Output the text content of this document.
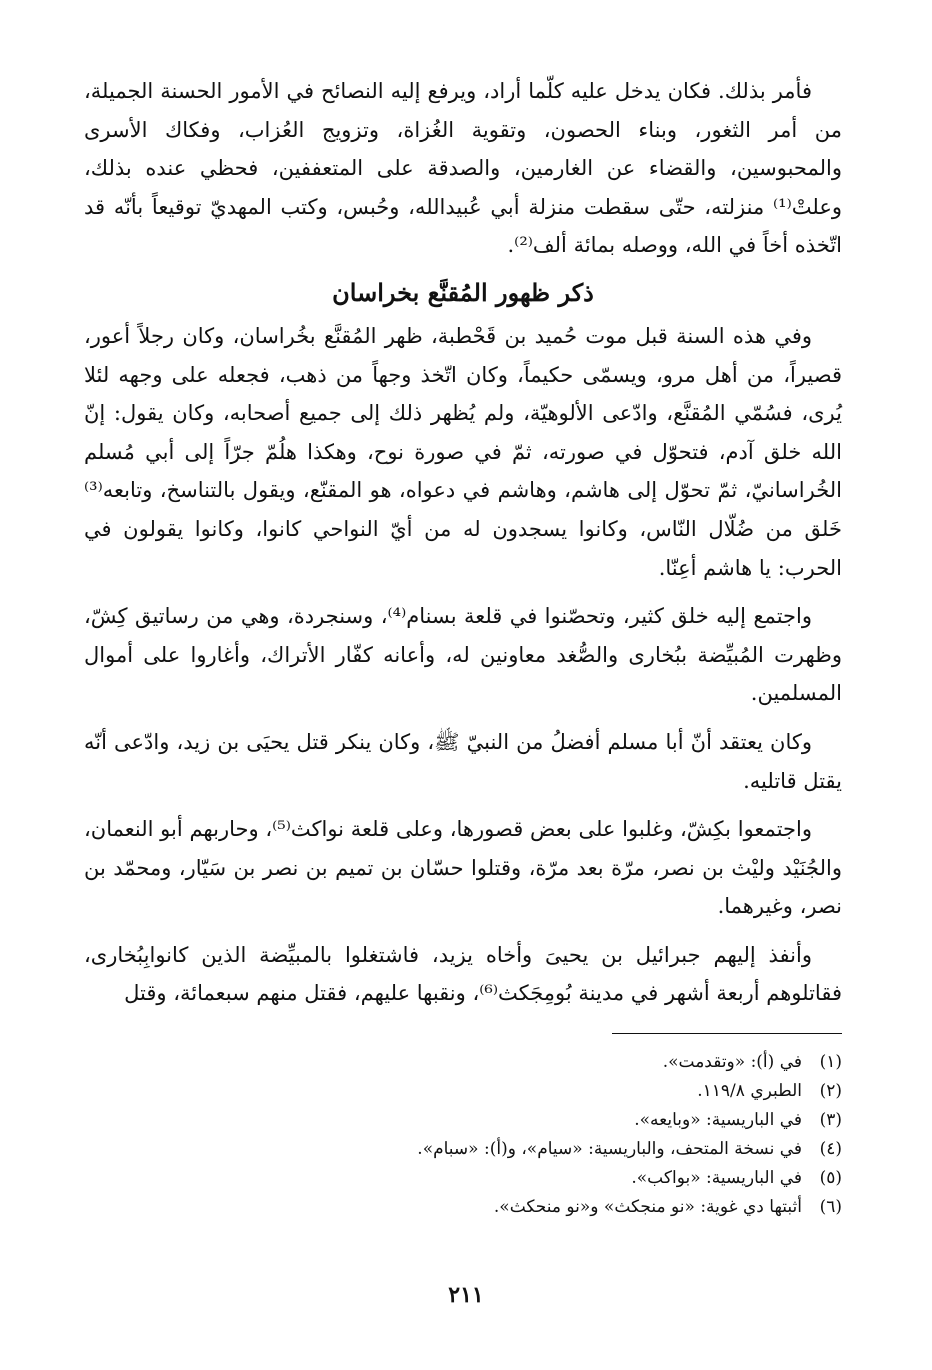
فأمر بذلك. فكان يدخل عليه كلّما أراد، ويرفع إليه النصائح في الأمور الحسنة الجميلة، من أمر الثغور، وبناء الحصون، وتقوية الغُزاة، وتزويج العُزاب، وفكاك الأسرى والمحبوسين، والقضاء عن الغارمين، والصدقة على المتعففين، فحظي عنده بذلك، وعلتْ⁽¹⁾ منزلته، حتّى سقطت منزلة أبي عُبيدالله، وحُبس، وكتب المهديّ توقيعاً بأنّه قد اتّخذه أخاً في الله، ووصله بمائة ألف⁽²⁾.

ذكر ظهور المُقنَّع بخراسان

وفي هذه السنة قبل موت حُميد بن قَحْطبة، ظهر المُقنَّع بخُراسان، وكان رجلاً أعور، قصيراً، من أهل مرو، ويسمّى حكيماً، وكان اتّخذ وجهاً من ذهب، فجعله على وجهه لئلا يُرى، فسُمّي المُقنَّع، وادّعى الألوهيّة، ولم يُظهر ذلك إلى جميع أصحابه، وكان يقول: إنّ الله خلق آدم، فتحوّل في صورته، ثمّ في صورة نوح، وهكذا هلُمّ جرّاً إلى أبي مُسلم الخُراسانيّ، ثمّ تحوّل إلى هاشم، وهاشم في دعواه، هو المقنّع، ويقول بالتناسخ، وتابعه⁽³⁾ خَلق من ضُلّال النّاس، وكانوا يسجدون له من أيّ النواحي كانوا، وكانوا يقولون في الحرب: يا هاشم أعِنّا.

واجتمع إليه خلق كثير، وتحصّنوا في قلعة بسنام⁽⁴⁾، وسنجردة، وهي من رساتيق كِشّ، وظهرت المُبيِّضة ببُخارى والصُّغد معاونين له، وأعانه كفّار الأتراك، وأغاروا على أموال المسلمين.

وكان يعتقد أنّ أبا مسلم أفضلُ من النبيّ ﷺ، وكان ينكر قتل يحيَى بن زيد، وادّعى أنّه يقتل قاتليه.

واجتمعوا بكِشّ، وغلبوا على بعض قصورها، وعلى قلعة نواكث⁽⁵⁾، وحاربهم أبو النعمان، والجُنَيْد وليْث بن نصر، مرّة بعد مرّة، وقتلوا حسّان بن تميم بن نصر بن سَيّار، ومحمّد بن نصر، وغيرهما.

وأنفذ إليهم جبرائيل بن يحيىَ وأخاه يزيد، فاشتغلوا بالمبيِّضة الذين كانوابِبُخارى، فقاتلوهم أربعة أشهر في مدينة بُومِجَكث⁽⁶⁾، ونقبها عليهم، فقتل منهم سبعمائة، وقتل

(١)
في (أ): «وتقدمت».
(٢)
الطبري ١١٩/٨.
(٣)
في الباريسية: «وبايعه».
(٤)
في نسخة المتحف، والباريسية: «سيام»، و(أ): «سبام».
(٥)
في الباريسية: «بواكب».
(٦)
أثبتها دي غوية: «نو منجكث» و«نو منحكث».
٢١١
